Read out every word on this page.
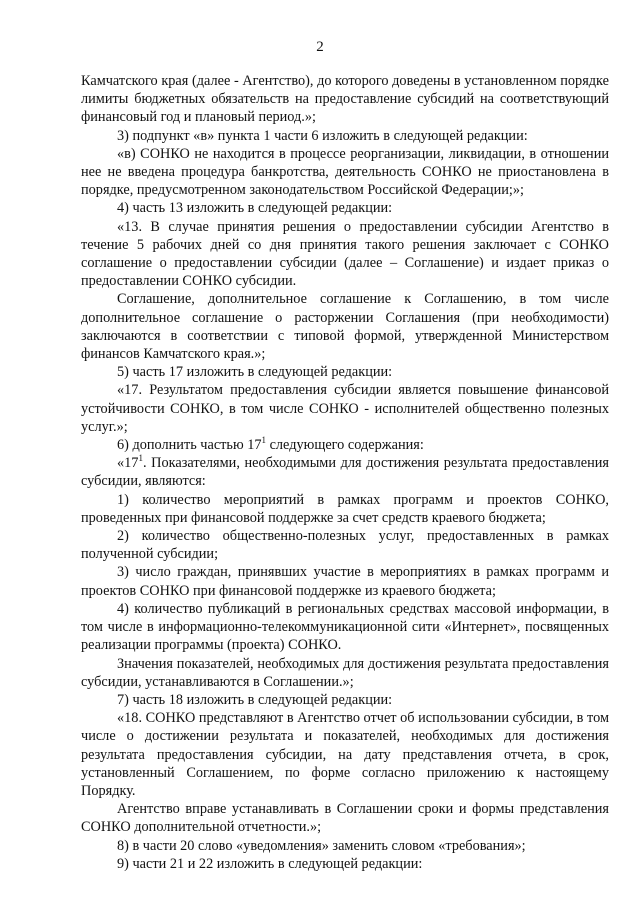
2

Камчатского края (далее - Агентство), до которого доведены в установленном порядке лимиты бюджетных обязательств на предоставление субсидий на соответствующий финансовый год и плановый период.»;

3) подпункт «в» пункта 1 части 6 изложить в следующей редакции:

«в) СОНКО не находится в процессе реорганизации, ликвидации, в отношении нее не введена процедура банкротства, деятельность СОНКО не приостановлена в порядке, предусмотренном законодательством Российской Федерации;»;

4) часть 13 изложить в следующей редакции:

«13. В случае принятия решения о предоставлении субсидии Агентство в течение 5 рабочих дней со дня принятия такого решения заключает с СОНКО соглашение о предоставлении субсидии (далее – Соглашение) и издает приказ о предоставлении СОНКО субсидии.

Соглашение, дополнительное соглашение к Соглашению, в том числе дополнительное соглашение о расторжении Соглашения (при необходимости) заключаются в соответствии с типовой формой, утвержденной Министерством финансов Камчатского края.»;

5) часть 17 изложить в следующей редакции:

«17. Результатом предоставления субсидии является повышение финансовой устойчивости СОНКО, в том числе СОНКО - исполнителей общественно полезных услуг.»;

6) дополнить частью $17^1$ следующего содержания:

«$17^1$. Показателями, необходимыми для достижения результата предоставления субсидии, являются:

1) количество мероприятий в рамках программ и проектов СОНКО, проведенных при финансовой поддержке за счет средств краевого бюджета;

2) количество общественно-полезных услуг, предоставленных в рамках полученной субсидии;

3) число граждан, принявших участие в мероприятиях в рамках программ и проектов СОНКО при финансовой поддержке из краевого бюджета;

4) количество публикаций в региональных средствах массовой информации, в том числе в информационно-телекоммуникационной сити «Интернет», посвященных реализации программы (проекта) СОНКО.

Значения показателей, необходимых для достижения результата предоставления субсидии, устанавливаются в Соглашении.»;

7) часть 18 изложить в следующей редакции:

«18. СОНКО представляют в Агентство отчет об использовании субсидии, в том числе о достижении результата и показателей, необходимых для достижения результата предоставления субсидии, на дату представления отчета, в срок, установленный Соглашением, по форме согласно приложению к настоящему Порядку.

Агентство вправе устанавливать в Соглашении сроки и формы представления СОНКО дополнительной отчетности.»;

8) в части 20 слово «уведомления» заменить словом «требования»;

9) части 21 и 22 изложить в следующей редакции:
